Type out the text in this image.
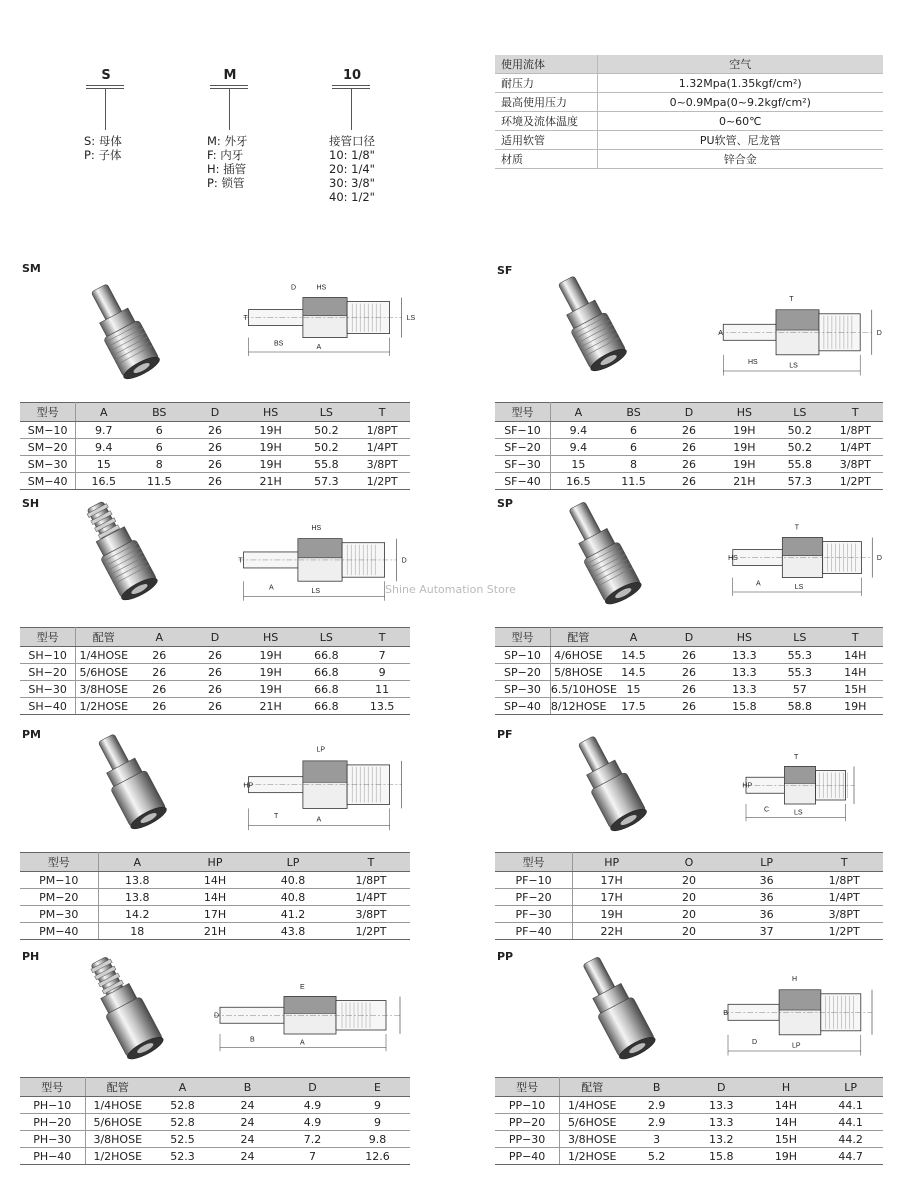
S
S: 母体
P: 子体
M
M: 外牙
F: 内牙
H: 插管
P: 锁管
10
接管口径
10: 1/8"
20: 1/4"
30: 3/8"
40: 1/2"
使用流体	空气
耐压力	1.32Mpa(1.35kgf/cm²)
最高使用压力	0~0.9Mpa(0~9.2kgf/cm²)
环境及流体温度	0~60℃
适用软管	PU软管、尼龙管
材质	锌合金
SM
HS
T
BS	A
LS
D
型号	A	BS	D	HS	LS	T
SM−10	9.7	6	26	19H	50.2	1/8PT
SM−20	9.4	6	26	19H	50.2	1/4PT
SM−30	15	8	26	19H	55.8	3/8PT
SM−40	16.5	11.5	26	21H	57.3	1/2PT
SF
T
A
HS
LS
D
型号	A	BS	D	HS	LS	T
SF−10	9.4	6	26	19H	50.2	1/8PT
SF−20	9.4	6	26	19H	50.2	1/4PT
SF−30	15	8	26	19H	55.8	3/8PT
SF−40	16.5	11.5	26	21H	57.3	1/2PT
SH
HS
T
A	LS
D
型号	配管	A	D	HS	LS	T
SH−10	1/4HOSE	26	26	19H	66.8	7
SH−20	5/6HOSE	26	26	19H	66.8	9
SH−30	3/8HOSE	26	26	19H	66.8	11
SH−40	1/2HOSE	26	26	21H	66.8	13.5
SP
T
HS
A	LS
D
型号	配管	A	D	HS	LS	T
SP−10	4/6HOSE	14.5	26	13.3	55.3	14H
SP−20	5/8HOSE	14.5	26	13.3	55.3	14H
SP−30	6.5/10HOSE	15	26	13.3	57	15H
SP−40	8/12HOSE	17.5	26	15.8	58.8	19H
PM
LP
HP
T
A
型号	A	HP	LP	T
PM−10	13.8	14H	40.8	1/8PT
PM−20	13.8	14H	40.8	1/4PT
PM−30	14.2	17H	41.2	3/8PT
PM−40	18	21H	43.8	1/2PT
PF
T
HP
C	LS
型号	HP	O	LP	T
PF−10	17H	20	36	1/8PT
PF−20	17H	20	36	1/4PT
PF−30	19H	20	36	3/8PT
PF−40	22H	20	37	1/2PT
PH
E
D
B	A
型号	配管	A	B	D	E
PH−10	1/4HOSE	52.8	24	4.9	9
PH−20	5/6HOSE	52.8	24	4.9	9
PH−30	3/8HOSE	52.5	24	7.2	9.8
PH−40	1/2HOSE	52.3	24	7	12.6
PP
H
B
D
LP
型号	配管	B	D	H	LP
PP−10	1/4HOSE	2.9	13.3	14H	44.1
PP−20	5/6HOSE	2.9	13.3	14H	44.1
PP−30	3/8HOSE	3	13.2	15H	44.2
PP−40	1/2HOSE	5.2	15.8	19H	44.7
Shine Automation Store
